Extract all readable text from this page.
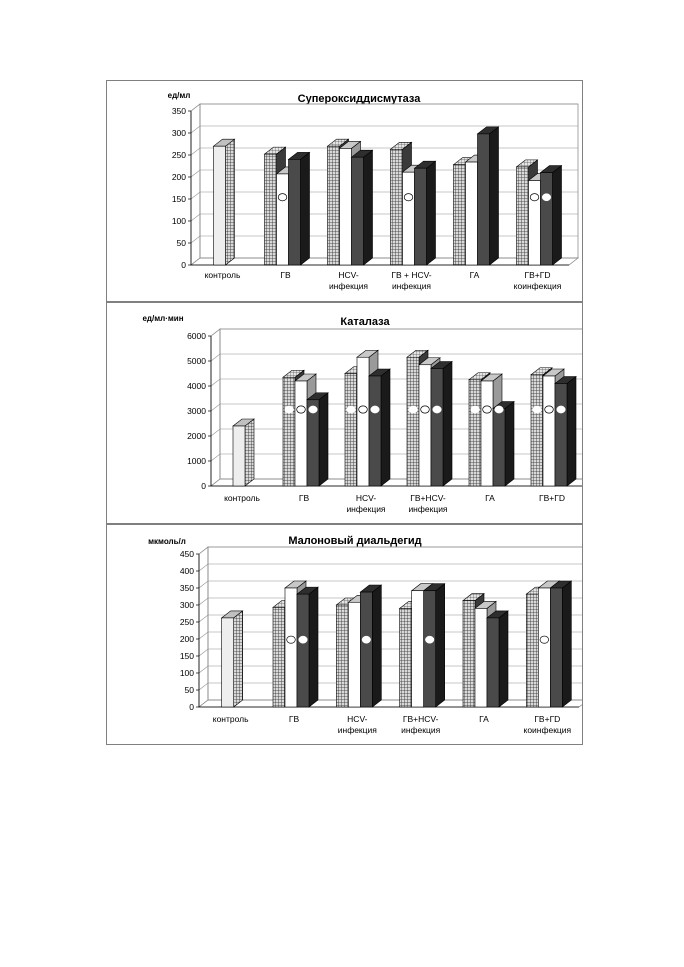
Супероксиддисмутаза
ед/мл
0
50
100
150
200
250
300
350
контроль	ГВ	HCV-инфекция
ГВ + HCV-инфекция
ГА	ГВ+ГD коинфекция
Каталаза
ед/мл·мин
0
1000
2000
3000
4000
5000
6000
контроль	ГВ	HCV-инфекция
ГВ+HCV-инфекция
ГА	ГВ+ГD
Малоновый диальдегид
мкмоль/л
0
50
100
150
200
250
300
350
400
450
контроль	ГВ	HCV-инфекция
ГВ+HCV-инфекция
ГА	ГВ+ГD коинфекция
